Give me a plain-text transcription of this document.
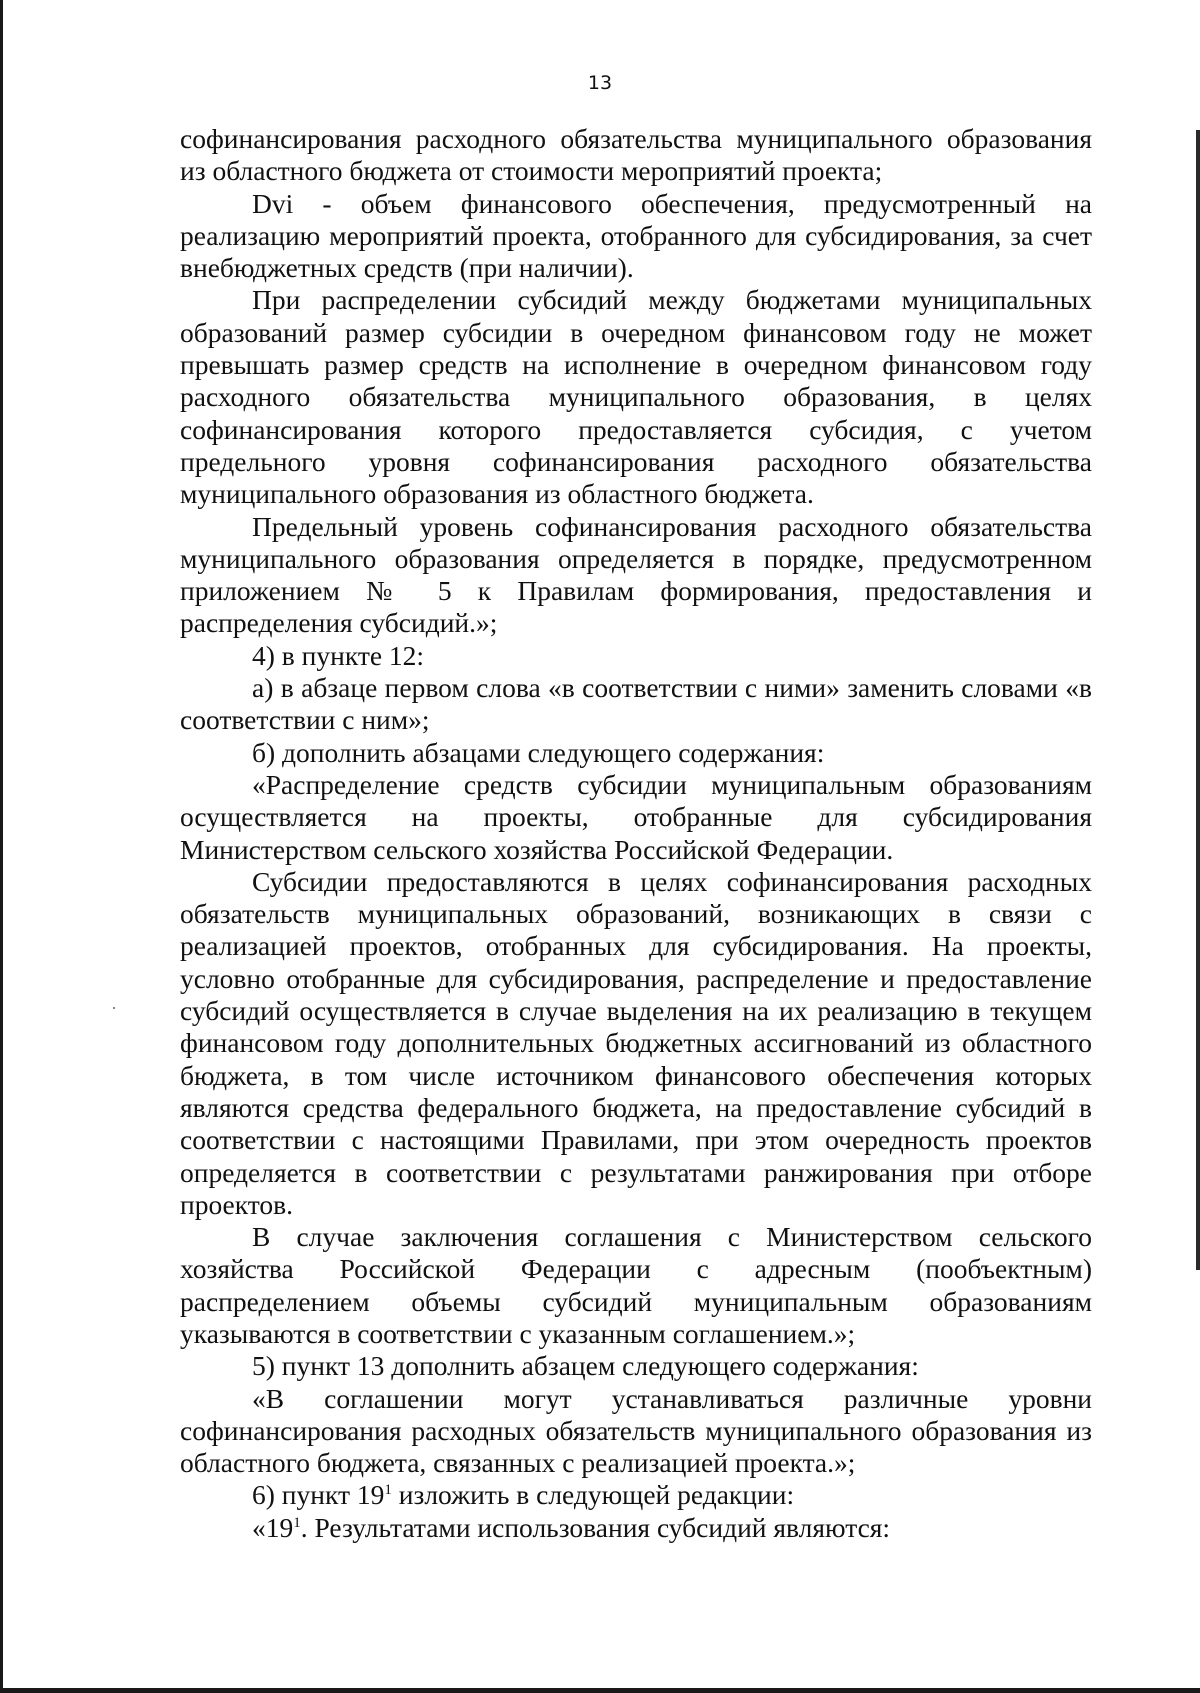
13

софинансирования расходного обязательства муниципального образования из областного бюджета от стоимости мероприятий проекта;

Dvi - объем финансового обеспечения, предусмотренный на реализацию мероприятий проекта, отобранного для субсидирования, за счет внебюджетных средств (при наличии).

При распределении субсидий между бюджетами муниципальных образований размер субсидии в очередном финансовом году не может превышать размер средств на исполнение в очередном финансовом году расходного обязательства муниципального образования, в целях софинансирования которого предоставляется субсидия, с учетом предельного уровня софинансирования расходного обязательства муниципального образования из областного бюджета.

Предельный уровень софинансирования расходного обязательства муниципального образования определяется в порядке, предусмотренном приложением № 5 к Правилам формирования, предоставления и распределения субсидий.»;

4) в пункте 12:

а) в абзаце первом слова «в соответствии с ними» заменить словами «в соответствии с ним»;

б) дополнить абзацами следующего содержания:

«Распределение средств субсидии муниципальным образованиям осуществляется на проекты, отобранные для субсидирования Министерством сельского хозяйства Российской Федерации.

Субсидии предоставляются в целях софинансирования расходных обязательств муниципальных образований, возникающих в связи с реализацией проектов, отобранных для субсидирования. На проекты, условно отобранные для субсидирования, распределение и предоставление субсидий осуществляется в случае выделения на их реализацию в текущем финансовом году дополнительных бюджетных ассигнований из областного бюджета, в том числе источником финансового обеспечения которых являются средства федерального бюджета, на предоставление субсидий в соответствии с настоящими Правилами, при этом очередность проектов определяется в соответствии с результатами ранжирования при отборе проектов.

В случае заключения соглашения с Министерством сельского хозяйства Российской Федерации с адресным (пообъектным) распределением объемы субсидий муниципальным образованиям указываются в соответствии с указанным соглашением.»;

5) пункт 13 дополнить абзацем следующего содержания:

«В соглашении могут устанавливаться различные уровни софинансирования расходных обязательств муниципального образования из областного бюджета, связанных с реализацией проекта.»;

6) пункт $19^1$ изложить в следующей редакции:

«$19^1$. Результатами использования субсидий являются:
